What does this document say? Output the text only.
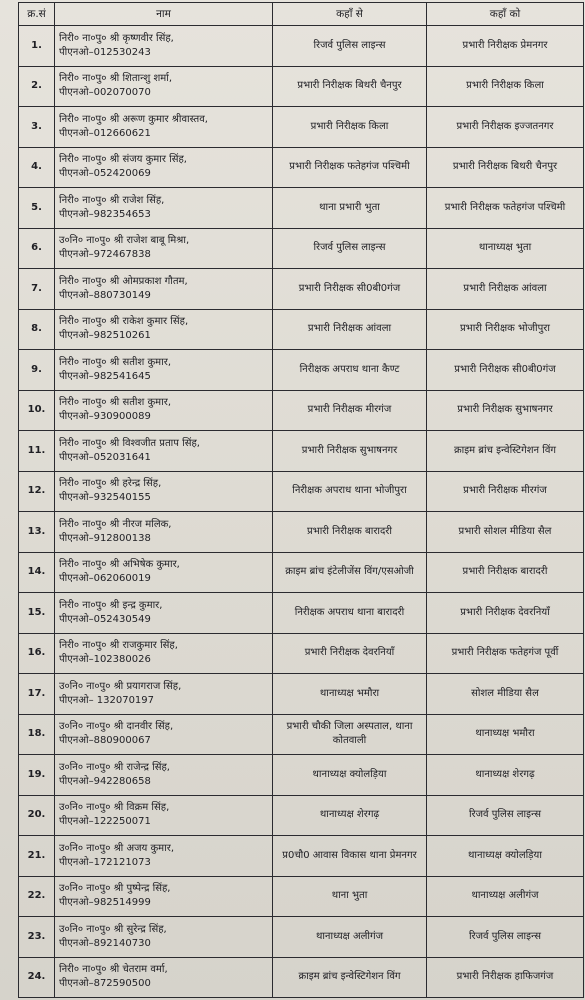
क्र.सं	नाम	कहाँ से	कहाँ को
1.	निरी० ना०पु० श्री कृष्णवीर सिंह,
पीएनओ–012530243	रिजर्व पुलिस लाइन्स	प्रभारी निरीक्षक प्रेमनगर
2.	निरी० ना०पु० श्री शितान्शु शर्मा,
पीएनओ–002070070	प्रभारी निरीक्षक बिथरी चैनपुर	प्रभारी निरीक्षक किला
3.	निरी० ना०पु० श्री अरूण कुमार श्रीवास्तव,
पीएनओ–012660621	प्रभारी निरीक्षक किला	प्रभारी निरीक्षक इज्जतनगर
4.	निरी० ना०पु० श्री संजय कुमार सिंह,
पीएनओ–052420069	प्रभारी निरीक्षक फतेहगंज पश्चिमी	प्रभारी निरीक्षक बिथरी चैनपुर
5.	निरी० ना०पु० श्री राजेश सिंह,
पीएनओ–982354653	थाना प्रभारी भुता	प्रभारी निरीक्षक फतेहगंज पश्चिमी
6.	उ०नि० ना०पु० श्री राजेश बाबू मिश्रा,
पीएनओ–972467838	रिजर्व पुलिस लाइन्स	थानाध्यक्ष भुता
7.	निरी० ना०पु० श्री ओमप्रकाश गौतम,
पीएनओ–880730149	प्रभारी निरीक्षक सी0बी0गंज	प्रभारी निरीक्षक आंवला
8.	निरी० ना०पु० श्री राकेश कुमार सिंह,
पीएनओ–982510261	प्रभारी निरीक्षक आंवला	प्रभारी निरीक्षक भोजीपुरा
9.	निरी० ना०पु० श्री सतीश कुमार,
पीएनओ–982541645	निरीक्षक अपराध थाना कैण्ट	प्रभारी निरीक्षक सी0बी0गंज
10.	निरी० ना०पु० श्री सतीश कुमार,
पीएनओ–930900089	प्रभारी निरीक्षक मीरगंज	प्रभारी निरीक्षक सुभाषनगर
11.	निरी० ना०पु० श्री विश्वजीत प्रताप सिंह,
पीएनओ–052031641	प्रभारी निरीक्षक सुभाषनगर	क्राइम ब्रांच इन्वेस्टिगेशन विंग
12.	निरी० ना०पु० श्री हरेन्द्र सिंह,
पीएनओ–932540155	निरीक्षक अपराध थाना भोजीपुरा	प्रभारी निरीक्षक मीरगंज
13.	निरी० ना०पु० श्री नीरज मलिक,
पीएनओ–912800138	प्रभारी निरीक्षक बारादरी	प्रभारी सोशल मीडिया सैल
14.	निरी० ना०पु० श्री अभिषेक कुमार,
पीएनओ–062060019	क्राइम ब्रांच इंटेलीजेंस विंग/एसओजी	प्रभारी निरीक्षक बारादरी
15.	निरी० ना०पु० श्री इन्द्र कुमार,
पीएनओ–052430549	निरीक्षक अपराध थाना बारादरी	प्रभारी निरीक्षक देवरनियाँ
16.	निरी० ना०पु० श्री राजकुमार सिंह,
पीएनओ–102380026	प्रभारी निरीक्षक देवरनियाँ	प्रभारी निरीक्षक फतेहगंज पूर्वी
17.	उ०नि० ना०पु० श्री प्रयागराज सिंह,
पीएनओ– 132070197	थानाध्यक्ष भमौरा	सोशल मीडिया सैल
18.	उ०नि० ना०पु० श्री दानवीर सिंह,
पीएनओ–880900067	प्रभारी चौकी जिला अस्पताल, थाना कोतवाली	थानाध्यक्ष भमौरा
19.	उ०नि० ना०पु० श्री राजेन्द्र सिंह,
पीएनओ–942280658	थानाध्यक्ष क्योलड़िया	थानाध्यक्ष शेरगढ़
20.	उ०नि० ना०पु० श्री विक्रम सिंह,
पीएनओ–122250071	थानाध्यक्ष शेरगढ़	रिजर्व पुलिस लाइन्स
21.	उ०नि० ना०पु० श्री अजय कुमार,
पीएनओ–172121073	प्र0चौ0 आवास विकास थाना प्रेमनगर	थानाध्यक्ष क्योलड़िया
22.	उ०नि० ना०पु० श्री पुष्पेन्द्र सिंह,
पीएनओ–982514999	थाना भुता	थानाध्यक्ष अलीगंज
23.	उ०नि० ना०पु० श्री सुरेन्द्र सिंह,
पीएनओ–892140730	थानाध्यक्ष अलीगंज	रिजर्व पुलिस लाइन्स
24.	निरी० ना०पु० श्री चेतराम वर्मा,
पीएनओ–872590500	क्राइम ब्रांच इन्वेस्टिगेशन विंग	प्रभारी निरीक्षक हाफिजगंज
